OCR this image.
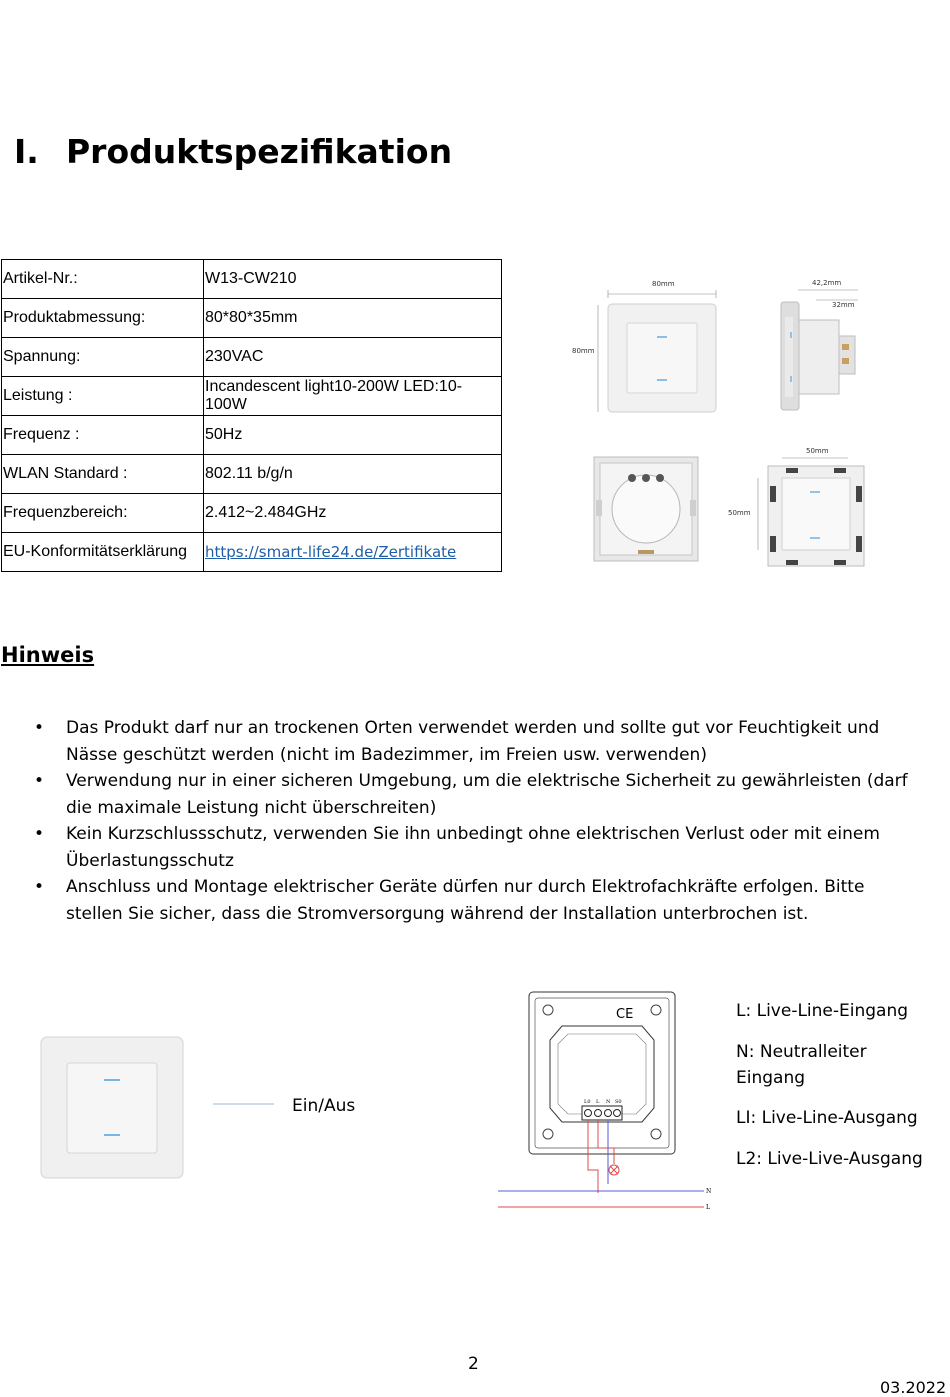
I. Produktspezifikation
Artikel-Nr.:	W13-CW210
Produktabmessung:	80*80*35mm
Spannung:	230VAC
Leistung :	Incandescent light10-200W LED:10-100W
Frequenz :	50Hz
WLAN Standard :	802.11 b/g/n
Frequenzbereich:	2.412~2.484GHz
EU-Konformitätserklärung	https://smart-life24.de/Zertifikate
80mm
80mm
42,2mm
32mm
50mm
50mm
Hinweis
• Das Produkt darf nur an trockenen Orten verwendet werden und sollte gut vor Feuchtigkeit und Nässe geschützt werden (nicht im Badezimmer, im Freien usw. verwenden)
• Verwendung nur in einer sicheren Umgebung, um die elektrische Sicherheit zu gewährleisten (darf die maximale Leistung nicht überschreiten)
• Kein Kurzschlussschutz, verwenden Sie ihn unbedingt ohne elektrischen Verlust oder mit einem Überlastungsschutz
• Anschluss und Montage elektrischer Geräte dürfen nur durch Elektrofachkräfte erfolgen. Bitte stellen Sie sicher, dass die Stromversorgung während der Installation unterbrochen ist.
Ein/Aus
CE
L0 L N S0
N
L
L: Live-Line-Eingang
N: Neutralleiter Eingang
LI: Live-Line-Ausgang
L2: Live-Live-Ausgang
2
03.2022
